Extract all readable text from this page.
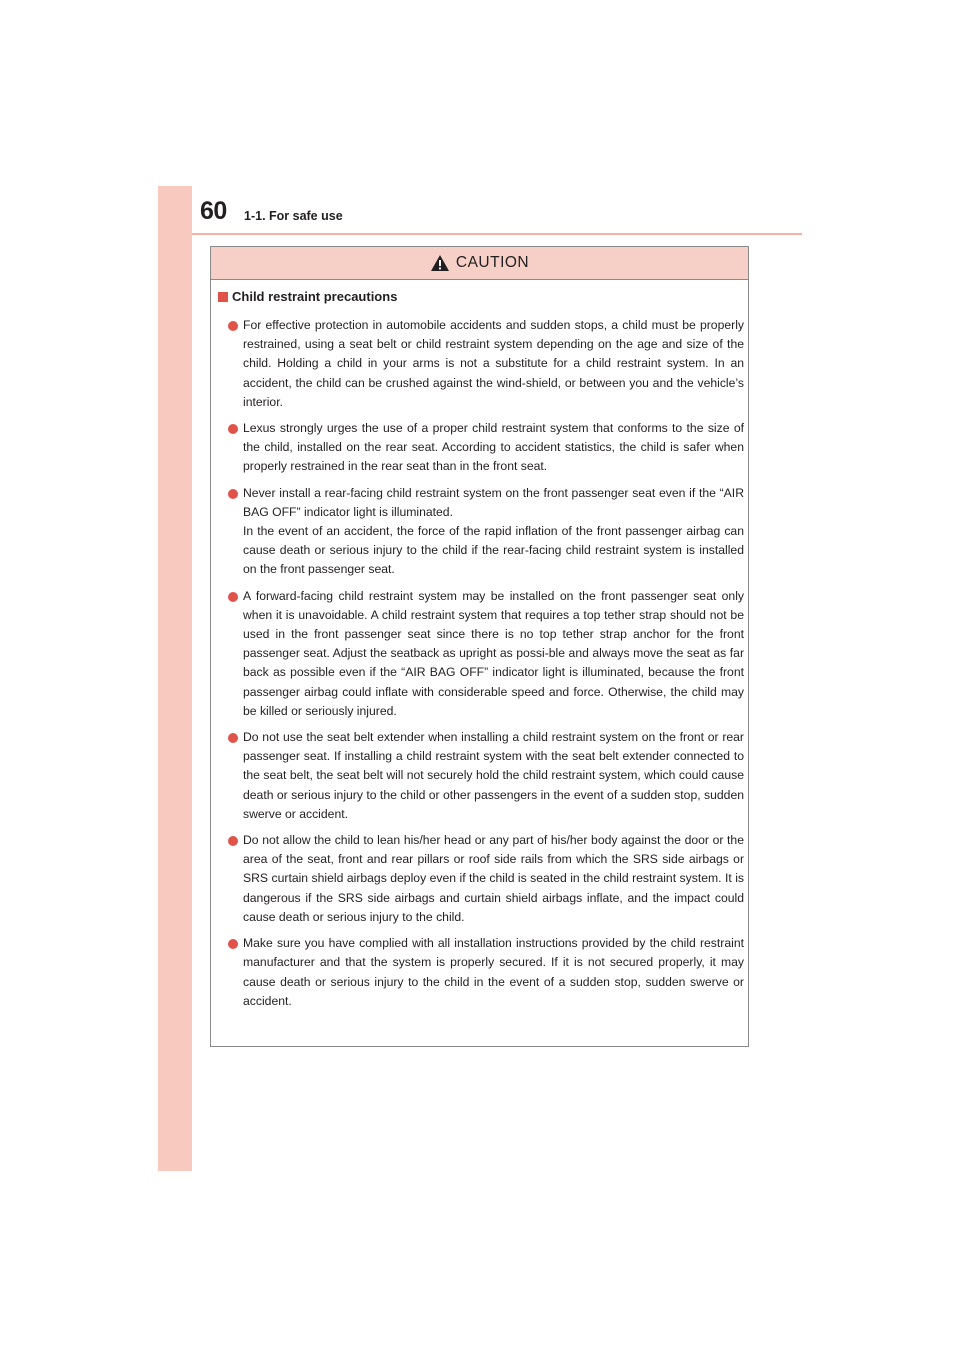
60 1-1. For safe use
CAUTION
Child restraint precautions
For effective protection in automobile accidents and sudden stops, a child must be properly restrained, using a seat belt or child restraint system depending on the age and size of the child. Holding a child in your arms is not a substitute for a child restraint system. In an accident, the child can be crushed against the wind-shield, or between you and the vehicle’s interior.
Lexus strongly urges the use of a proper child restraint system that conforms to the size of the child, installed on the rear seat. According to accident statistics, the child is safer when properly restrained in the rear seat than in the front seat.
Never install a rear-facing child restraint system on the front passenger seat even if the “AIR BAG OFF” indicator light is illuminated.
In the event of an accident, the force of the rapid inflation of the front passenger airbag can cause death or serious injury to the child if the rear-facing child restraint system is installed on the front passenger seat.
A forward-facing child restraint system may be installed on the front passenger seat only when it is unavoidable. A child restraint system that requires a top tether strap should not be used in the front passenger seat since there is no top tether strap anchor for the front passenger seat. Adjust the seatback as upright as possi-ble and always move the seat as far back as possible even if the “AIR BAG OFF” indicator light is illuminated, because the front passenger airbag could inflate with considerable speed and force. Otherwise, the child may be killed or seriously injured.
Do not use the seat belt extender when installing a child restraint system on the front or rear passenger seat. If installing a child restraint system with the seat belt extender connected to the seat belt, the seat belt will not securely hold the child restraint system, which could cause death or serious injury to the child or other passengers in the event of a sudden stop, sudden swerve or accident.
Do not allow the child to lean his/her head or any part of his/her body against the door or the area of the seat, front and rear pillars or roof side rails from which the SRS side airbags or SRS curtain shield airbags deploy even if the child is seated in the child restraint system. It is dangerous if the SRS side airbags and curtain shield airbags inflate, and the impact could cause death or serious injury to the child.
Make sure you have complied with all installation instructions provided by the child restraint manufacturer and that the system is properly secured. If it is not secured properly, it may cause death or serious injury to the child in the event of a sudden stop, sudden swerve or accident.
